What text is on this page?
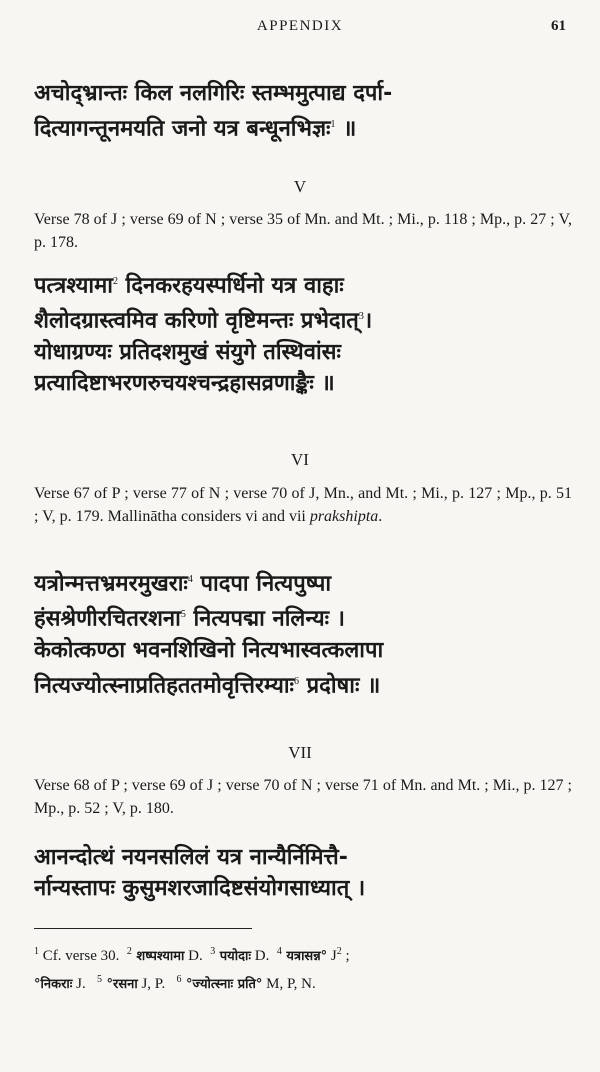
APPENDIX	61
अचोद्भ्रान्तः किल नलगिरिः स्तम्भमुत्पाद्य दर्पा-
दित्यागन्तूनमयति जनो यत्र बन्धूनभिज्ञः$^1$ ॥
V
Verse 78 of J ; verse 69 of N ; verse 35 of Mn. and Mt. ; Mi., p. 118 ; Mp., p. 27 ; V, p. 178.
पत्त्रश्यामा$^2$ दिनकरहयस्पर्धिनो यत्र वाहाः
शैलोदग्रास्त्वमिव करिणो वृष्टिमन्तः प्रभेदात्$^3$।
योधाग्रण्यः प्रतिदशमुखं संयुगे तस्थिवांसः
प्रत्यादिष्टाभरणरुचयश्चन्द्रहासव्रणाङ्कैः ॥
VI
Verse 67 of P ; verse 77 of N ; verse 70 of J, Mn., and Mt. ; Mi., p. 127 ; Mp., p. 51 ; V, p. 179. Mallinātha considers vi and vii prakshipta.
यत्रोन्मत्तभ्रमरमुखराः$^4$ पादपा नित्यपुष्पा
हंसश्रेणीरचितरशना$^5$ नित्यपद्मा नलिन्यः ।
केकोत्कण्ठा भवनशिखिनो नित्यभास्वत्कलापा
नित्यज्योत्स्नाप्रतिहततमोवृत्तिरम्याः$^6$ प्रदोषाः ॥
VII
Verse 68 of P ; verse 69 of J ; verse 70 of N ; verse 71 of Mn. and Mt. ; Mi., p. 127 ; Mp., p. 52 ; V, p. 180.
आनन्दोत्थं नयनसलिलं यत्र नान्यैर्निमित्तै-
र्नान्यस्तापः कुसुमशरजादिष्टसंयोगसाध्यात् ।
$^1$ Cf. verse 30. $^2$ शष्पश्यामा D. $^3$ पयोदाः D. $^4$ यत्रासन्न° $J^2$ ;
°निकराः J. $^5$ °रसना J, P. $^6$ °ज्योत्स्नाः प्रति° M, P, N.
